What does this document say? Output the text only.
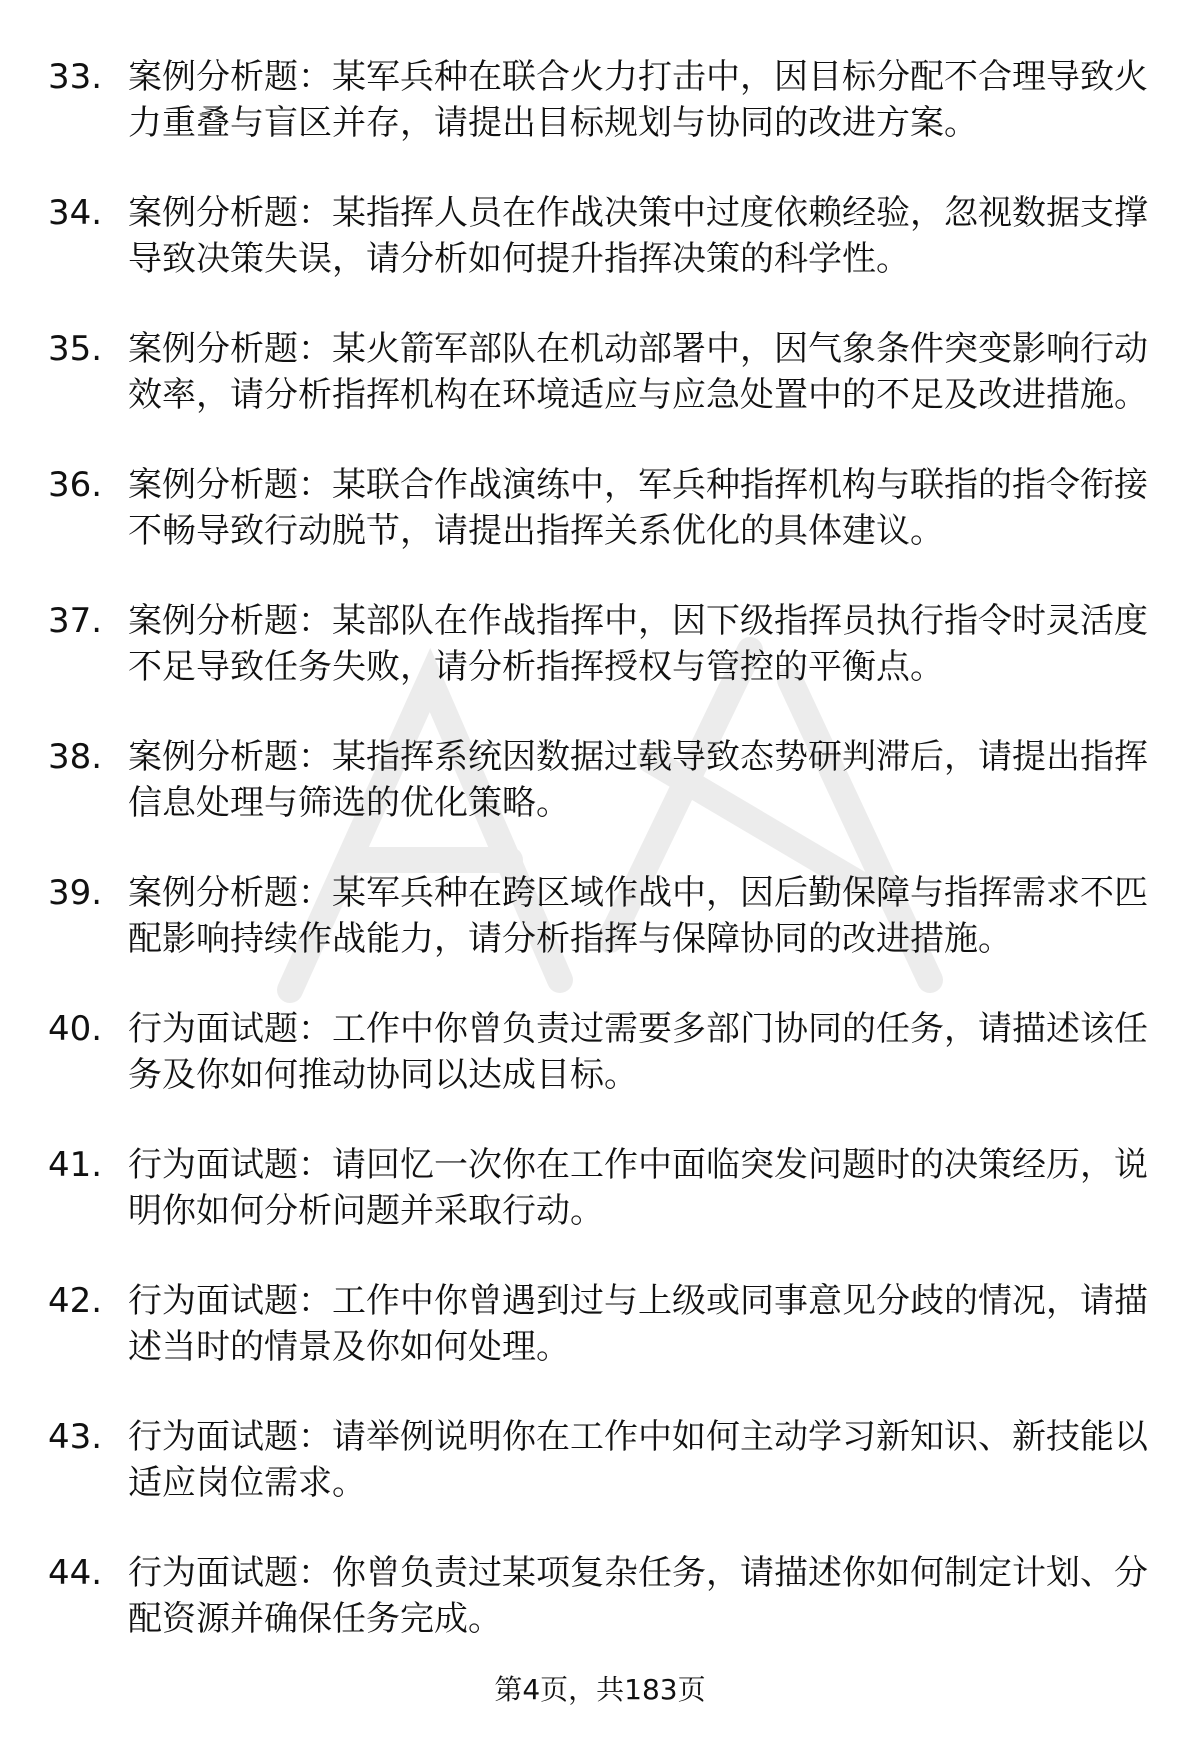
33. 案例分析题：某军兵种在联合火力打击中，因目标分配不合理导致火力重叠与盲区并存，请提出目标规划与协同的改进方案。
34. 案例分析题：某指挥人员在作战决策中过度依赖经验，忽视数据支撑导致决策失误，请分析如何提升指挥决策的科学性。
35. 案例分析题：某火箭军部队在机动部署中，因气象条件突变影响行动效率，请分析指挥机构在环境适应与应急处置中的不足及改进措施。
36. 案例分析题：某联合作战演练中，军兵种指挥机构与联指的指令衔接不畅导致行动脱节，请提出指挥关系优化的具体建议。
37. 案例分析题：某部队在作战指挥中，因下级指挥员执行指令时灵活度不足导致任务失败，请分析指挥授权与管控的平衡点。
38. 案例分析题：某指挥系统因数据过载导致态势研判滞后，请提出指挥信息处理与筛选的优化策略。
39. 案例分析题：某军兵种在跨区域作战中，因后勤保障与指挥需求不匹配影响持续作战能力，请分析指挥与保障协同的改进措施。
40. 行为面试题：工作中你曾负责过需要多部门协同的任务，请描述该任务及你如何推动协同以达成目标。
41. 行为面试题：请回忆一次你在工作中面临突发问题时的决策经历，说明你如何分析问题并采取行动。
42. 行为面试题：工作中你曾遇到过与上级或同事意见分歧的情况，请描述当时的情景及你如何处理。
43. 行为面试题：请举例说明你在工作中如何主动学习新知识、新技能以适应岗位需求。
44. 行为面试题：你曾负责过某项复杂任务，请描述你如何制定计划、分配资源并确保任务完成。
第4页，共183页
